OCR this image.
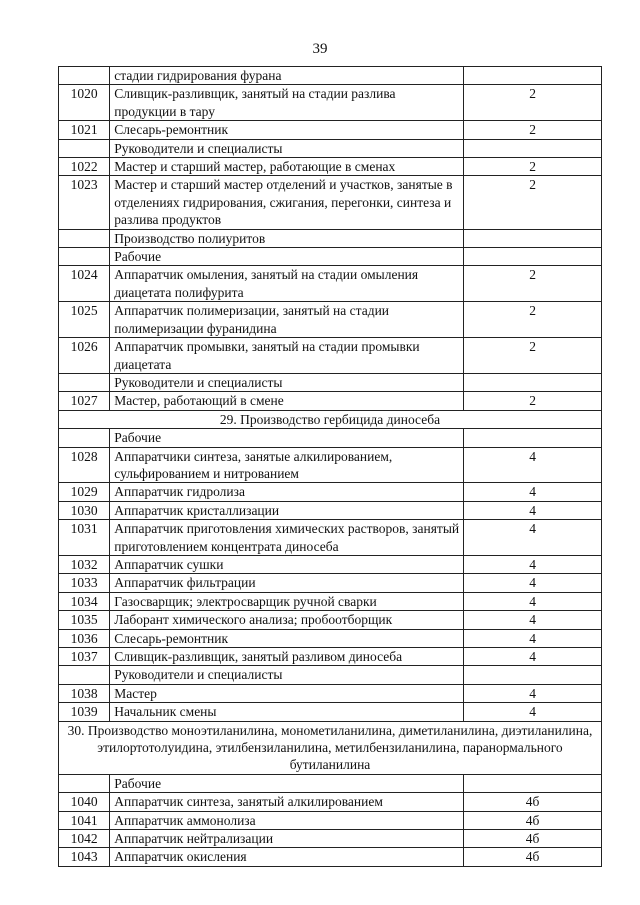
39
	стадии гидрирования фурана	
1020	Сливщик-разливщик, занятый на стадии разлива продукции в тару	2
1021	Слесарь-ремонтник	2
	Руководители и специалисты	
1022	Мастер и старший мастер, работающие в сменах	2
1023	Мастер и старший мастер отделений и участков, занятые в отделениях гидрирования, сжигания, перегонки, синтеза и разлива продуктов	2
	Производство полиуритов	
	Рабочие	
1024	Аппаратчик омыления, занятый на стадии омыления диацетата полифурита	2
1025	Аппаратчик полимеризации, занятый на стадии полимеризации фуранидина	2
1026	Аппаратчик промывки, занятый на стадии промывки диацетата	2
	Руководители и специалисты	
1027	Мастер, работающий в смене	2
29. Производство гербицида диносеба		
	Рабочие	
1028	Аппаратчики синтеза, занятые алкилированием, сульфированием и нитрованием	4
1029	Аппаратчик гидролиза	4
1030	Аппаратчик кристаллизации	4
1031	Аппаратчик приготовления химических растворов, занятый приготовлением концентрата диносеба	4
1032	Аппаратчик сушки	4
1033	Аппаратчик фильтрации	4
1034	Газосварщик; электросварщик ручной сварки	4
1035	Лаборант химического анализа; пробоотборщик	4
1036	Слесарь-ремонтник	4
1037	Сливщик-разливщик, занятый разливом диносеба	4
	Руководители и специалисты	
1038	Мастер	4
1039	Начальник смены	4
30. Производство моноэтиланилина, монометиланилина, диметиланилина, диэтиланилина, этилортотолуидина, этилбензиланилина, метилбензиланилина, паранормального бутиланилина		
	Рабочие	
1040	Аппаратчик синтеза, занятый алкилированием	4б
1041	Аппаратчик аммонолиза	4б
1042	Аппаратчик нейтрализации	4б
1043	Аппаратчик окисления	4б
